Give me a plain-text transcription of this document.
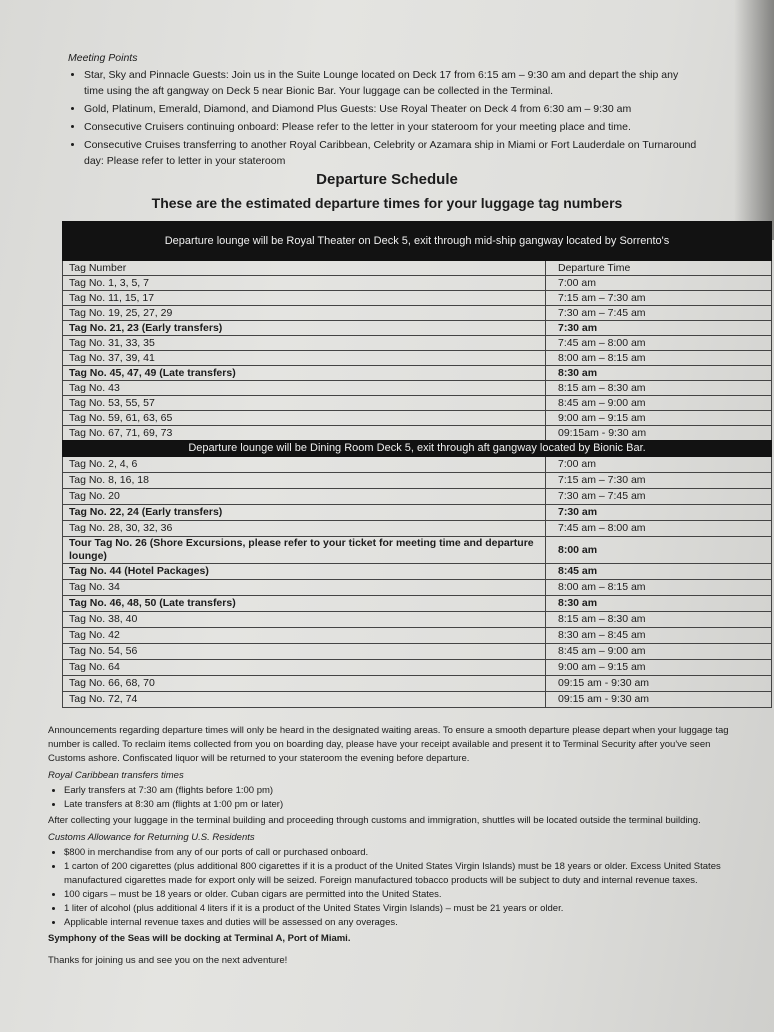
Meeting Points
• Star, Sky and Pinnacle Guests: Join us in the Suite Lounge located on Deck 17 from 6:15 am – 9:30 am and depart the ship any time using the aft gangway on Deck 5 near Bionic Bar. Your luggage can be collected in the Terminal.
• Gold, Platinum, Emerald, Diamond, and Diamond Plus Guests: Use Royal Theater on Deck 4 from 6:30 am – 9:30 am
• Consecutive Cruisers continuing onboard: Please refer to the letter in your stateroom for your meeting place and time.
• Consecutive Cruises transferring to another Royal Caribbean, Celebrity or Azamara ship in Miami or Fort Lauderdale on Turnaround day: Please refer to letter in your stateroom
Departure Schedule
These are the estimated departure times for your luggage tag numbers
Departure lounge will be Royal Theater on Deck 5, exit through mid-ship gangway located by Sorrento's	
Tag Number	Departure Time
Tag No. 1, 3, 5, 7	7:00 am
Tag No. 11, 15, 17	7:15 am – 7:30 am
Tag No. 19, 25, 27, 29	7:30 am – 7:45 am
Tag No. 21, 23 (Early transfers)	7:30 am
Tag No. 31, 33, 35	7:45 am – 8:00 am
Tag No. 37, 39, 41	8:00 am – 8:15 am
Tag No. 45, 47, 49 (Late transfers)	8:30 am
Tag No. 43	8:15 am – 8:30 am
Tag No. 53, 55, 57	8:45 am – 9:00 am
Tag No. 59, 61, 63, 65	9:00 am – 9:15 am
Tag No. 67, 71, 69, 73	09:15am - 9:30 am
Departure lounge will be Dining Room Deck 5, exit through aft gangway located by Bionic Bar.	
Tag No. 2, 4, 6	7:00 am
Tag No. 8, 16, 18	7:15 am – 7:30 am
Tag No. 20	7:30 am – 7:45 am
Tag No. 22, 24 (Early transfers)	7:30 am
Tag No. 28, 30, 32, 36	7:45 am – 8:00 am
Tour Tag No. 26 (Shore Excursions, please refer to your ticket for meeting time and departure lounge)	8:00 am
Tag No. 44 (Hotel Packages)	8:45 am
Tag No. 34	8:00 am – 8:15 am
Tag No. 46, 48, 50 (Late transfers)	8:30 am
Tag No. 38, 40	8:15 am – 8:30 am
Tag No. 42	8:30 am – 8:45 am
Tag No. 54, 56	8:45 am – 9:00 am
Tag No. 64	9:00 am – 9:15 am
Tag No. 66, 68, 70	09:15 am - 9:30 am
Tag No. 72, 74	09:15 am - 9:30 am

Announcements regarding departure times will only be heard in the designated waiting areas. To ensure a smooth departure please depart when your luggage tag number is called. To reclaim items collected from you on boarding day, please have your receipt available and present it to Terminal Security after you've seen Customs ashore. Confiscated liquor will be returned to your stateroom the evening before departure.

Royal Caribbean transfers times
• Early transfers at 7:30 am (flights before 1:00 pm)
• Late transfers at 8:30 am (flights at 1:00 pm or later)

After collecting your luggage in the terminal building and proceeding through customs and immigration, shuttles will be located outside the terminal building.

Customs Allowance for Returning U.S. Residents
• $800 in merchandise from any of our ports of call or purchased onboard.
• 1 carton of 200 cigarettes (plus additional 800 cigarettes if it is a product of the United States Virgin Islands) must be 18 years or older. Excess United States manufactured cigarettes made for export only will be seized. Foreign manufactured tobacco products will be subject to duty and internal revenue taxes.
• 100 cigars – must be 18 years or older. Cuban cigars are permitted into the United States.
• 1 liter of alcohol (plus additional 4 liters if it is a product of the United States Virgin Islands) – must be 21 years or older.
• Applicable internal revenue taxes and duties will be assessed on any overages.

Symphony of the Seas will be docking at Terminal A, Port of Miami.

Thanks for joining us and see you on the next adventure!
